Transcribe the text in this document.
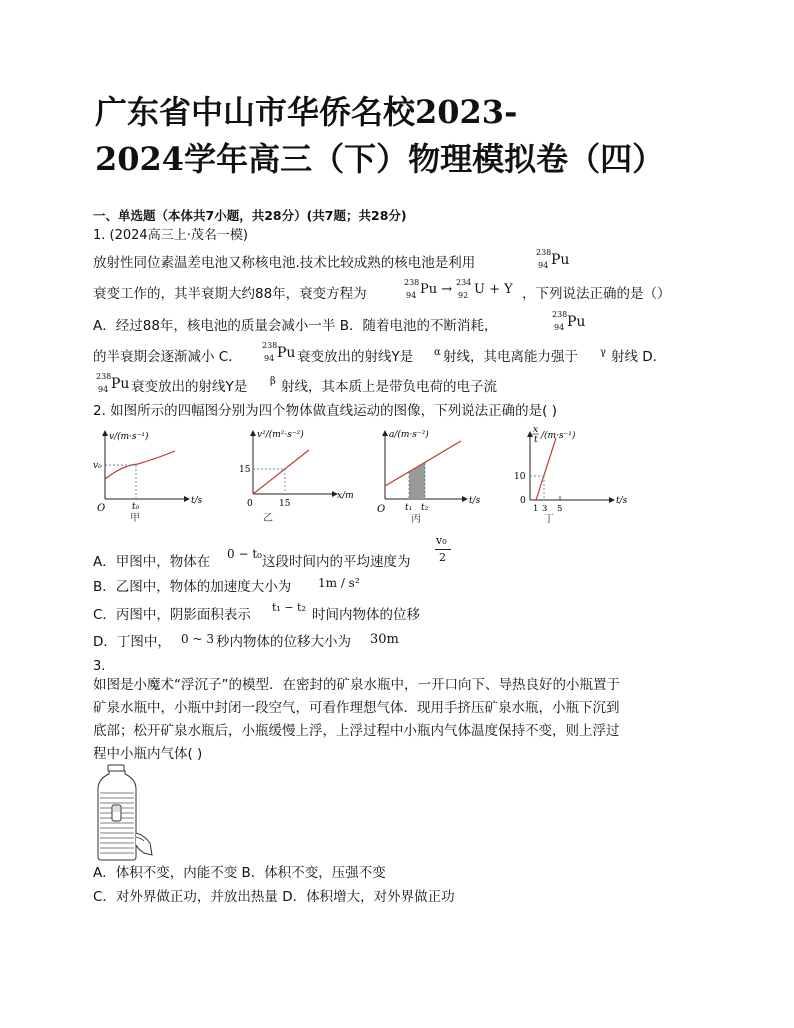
广东省中山市华侨名校2023-
2024学年高三（下）物理模拟卷（四）
一、单选题（本体共7小题，共28分）(共7题；共28分)
1. (2024高三上·茂名一模)
放射性同位素温差电池又称核电池.技术比较成熟的核电池是利用
238
94 Pu
衰变工作的，其半衰期大约88年，衰变方程为
238
94 Pu → 234
92 U + Y ，下列说法正确的是（）
A．经过88年，核电池的质量会减小一半 B．随着电池的不断消耗，
238
94 Pu
的半衰期会逐渐减小 C．
238
94 Pu 衰变放出的射线Y是 α 射线，其电离能力强于 γ 射线 D．
238
94 Pu 衰变放出的射线Y是 β 射线，其本质上是带负电荷的电子流
2. 如图所示的四幅图分别为四个物体做直线运动的图像，下列说法正确的是( )
v/(m·s⁻¹)
v₀
t/s
O	t₀
甲
v²/(m²·s⁻²)
15
x/m
0	15
乙
a/(m·s⁻²)
t/s
O t₁ t₂
丙
x
t /(m·s⁻¹)
10
t/s
0
1 3 5
丁
A．甲图中，物体在 0 − t₀ 这段时间内的平均速度为
v₀
2
B．乙图中，物体的加速度大小为 1m / s²
C．丙图中，阴影面积表示 t₁ − t₂ 时间内物体的位移
D．丁图中， 0 ~ 3 秒内物体的位移大小为 30m
3.
如图是小魔术“浮沉子”的模型．在密封的矿泉水瓶中，一开口向下、导热良好的小瓶置于
矿泉水瓶中，小瓶中封闭一段空气，可看作理想气体．现用手挤压矿泉水瓶，小瓶下沉到
底部；松开矿泉水瓶后，小瓶缓慢上浮，上浮过程中小瓶内气体温度保持不变，则上浮过
程中小瓶内气体( )
A．体积不变，内能不变 B．体积不变，压强不变
C．对外界做正功，并放出热量 D．体积增大，对外界做正功
